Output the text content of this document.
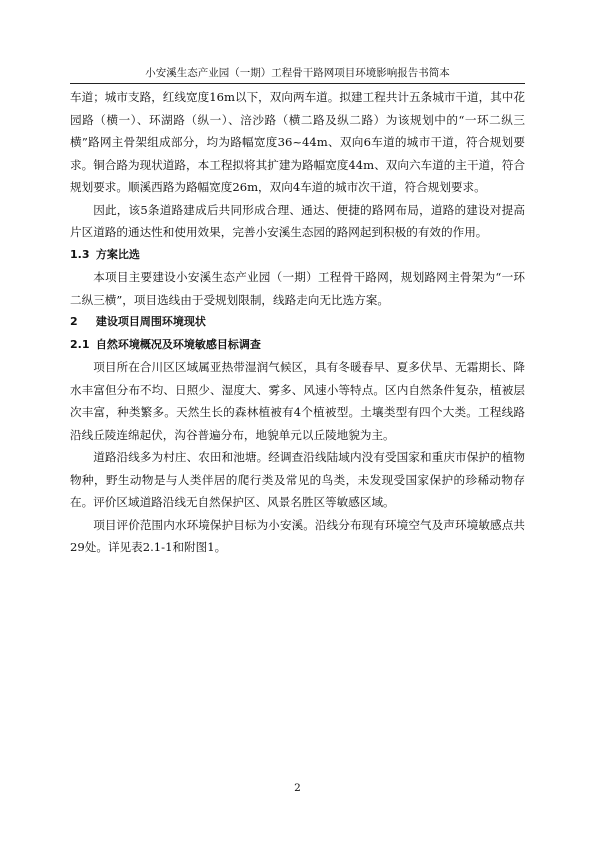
小安溪生态产业园（一期）工程骨干路网项目环境影响报告书简本

车道；城市支路，红线宽度16m以下，双向两车道。拟建工程共计五条城市干道，其中花园路（横一）、环湖路（纵一）、涪沙路（横二路及纵二路）为该规划中的“一环二纵三横”路网主骨架组成部分，均为路幅宽度36~44m、双向6车道的城市干道，符合规划要求。铜合路为现状道路，本工程拟将其扩建为路幅宽度44m、双向六车道的主干道，符合规划要求。顺溪西路为路幅宽度26m，双向4车道的城市次干道，符合规划要求。

因此，该5条道路建成后共同形成合理、通达、便捷的路网布局，道路的建设对提高片区道路的通达性和使用效果，完善小安溪生态园的路网起到积极的有效的作用。

1.3 方案比选

本项目主要建设小安溪生态产业园（一期）工程骨干路网，规划路网主骨架为“一环二纵三横”，项目选线由于受规划限制，线路走向无比选方案。

2 建设项目周围环境现状

2.1 自然环境概况及环境敏感目标调查

项目所在合川区区域属亚热带湿润气候区，具有冬暖春早、夏多伏旱、无霜期长、降水丰富但分布不均、日照少、湿度大、雾多、风速小等特点。区内自然条件复杂，植被层次丰富，种类繁多。天然生长的森林植被有4个植被型。土壤类型有四个大类。工程线路沿线丘陵连绵起伏，沟谷普遍分布，地貌单元以丘陵地貌为主。

道路沿线多为村庄、农田和池塘。经调查沿线陆域内没有受国家和重庆市保护的植物物种，野生动物是与人类伴居的爬行类及常见的鸟类，未发现受国家保护的珍稀动物存在。评价区域道路沿线无自然保护区、风景名胜区等敏感区域。

项目评价范围内水环境保护目标为小安溪。沿线分布现有环境空气及声环境敏感点共29处。详见表2.1-1和附图1。

2
